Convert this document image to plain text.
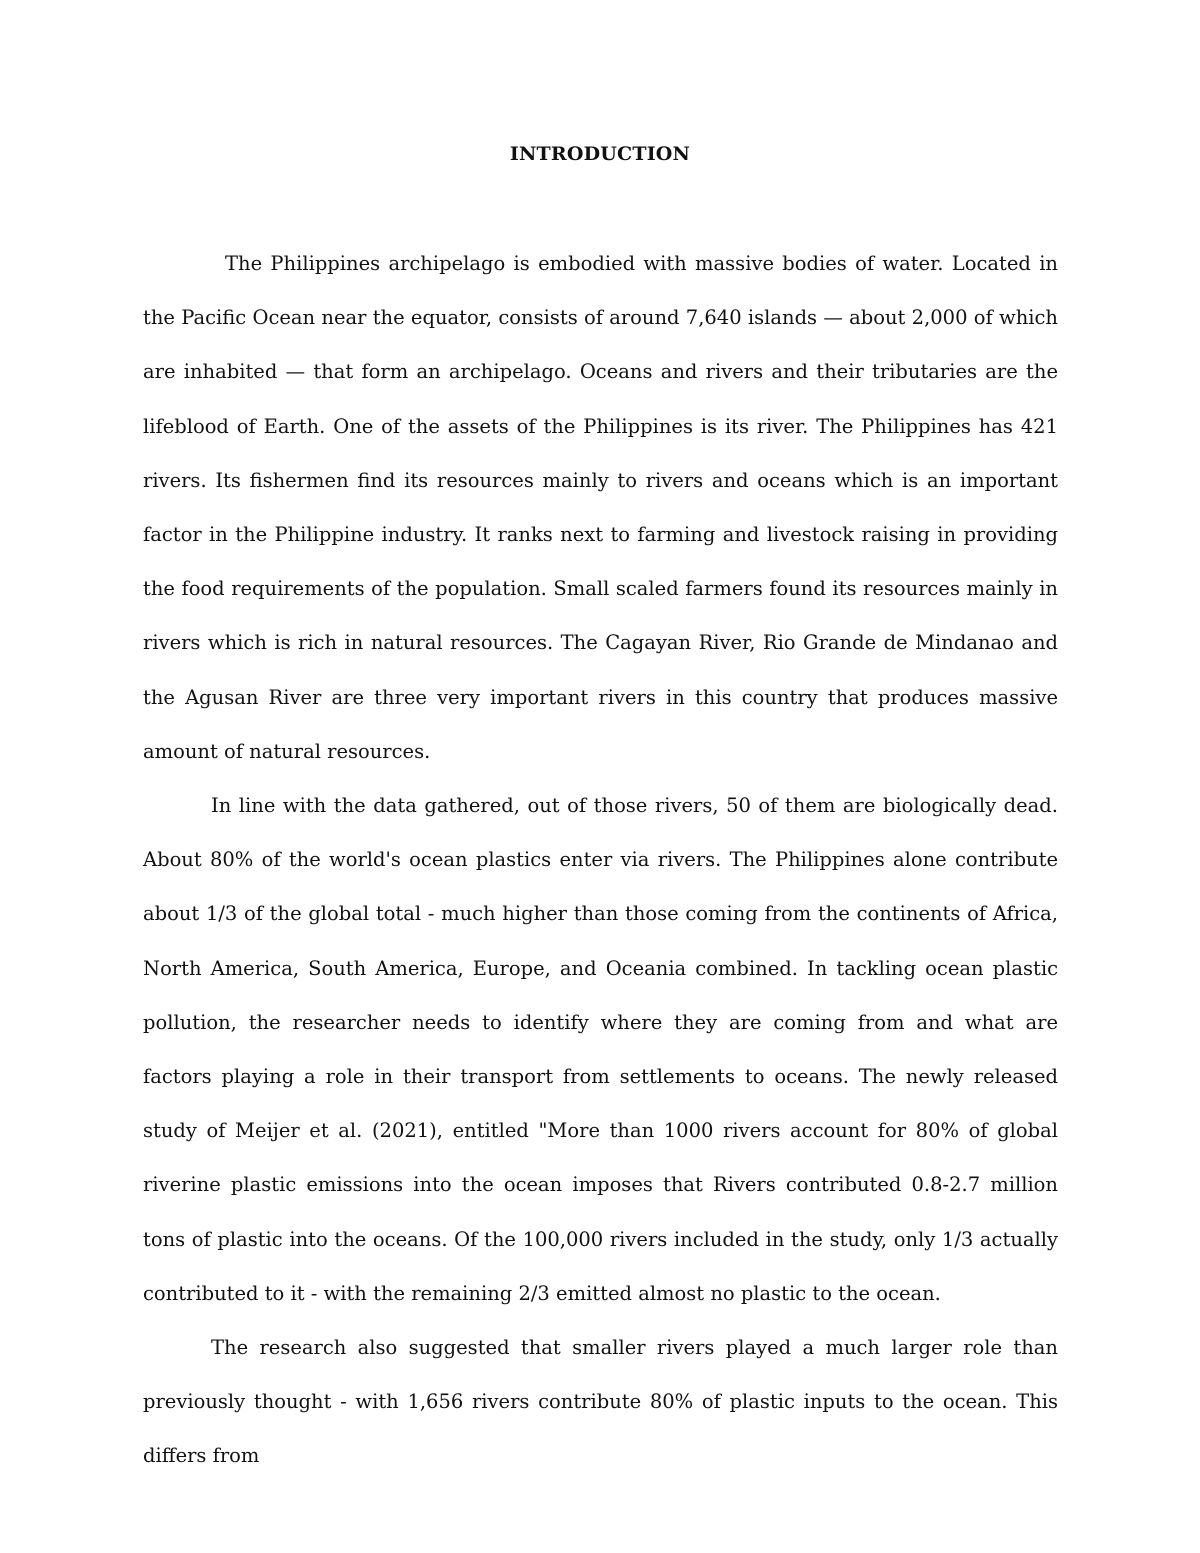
INTRODUCTION

The Philippines archipelago is embodied with massive bodies of water. Located in the Pacific Ocean near the equator, consists of around 7,640 islands — about 2,000 of which are inhabited — that form an archipelago. Oceans and rivers and their tributaries are the lifeblood of Earth. One of the assets of the Philippines is its river. The Philippines has 421 rivers. Its fishermen find its resources mainly to rivers and oceans which is an important factor in the Philippine industry. It ranks next to farming and livestock raising in providing the food requirements of the population. Small scaled farmers found its resources mainly in rivers which is rich in natural resources. The Cagayan River, Rio Grande de Mindanao and the Agusan River are three very important rivers in this country that produces massive amount of natural resources.

In line with the data gathered, out of those rivers, 50 of them are biologically dead. About 80% of the world's ocean plastics enter via rivers. The Philippines alone contribute about 1/3 of the global total - much higher than those coming from the continents of Africa, North America, South America, Europe, and Oceania combined. In tackling ocean plastic pollution, the researcher needs to identify where they are coming from and what are factors playing a role in their transport from settlements to oceans. The newly released study of Meijer et al. (2021), entitled "More than 1000 rivers account for 80% of global riverine plastic emissions into the ocean imposes that Rivers contributed 0.8-2.7 million tons of plastic into the oceans. Of the 100,000 rivers included in the study, only 1/3 actually contributed to it - with the remaining 2/3 emitted almost no plastic to the ocean.

The research also suggested that smaller rivers played a much larger role than previously thought - with 1,656 rivers contribute 80% of plastic inputs to the ocean. This differs from
